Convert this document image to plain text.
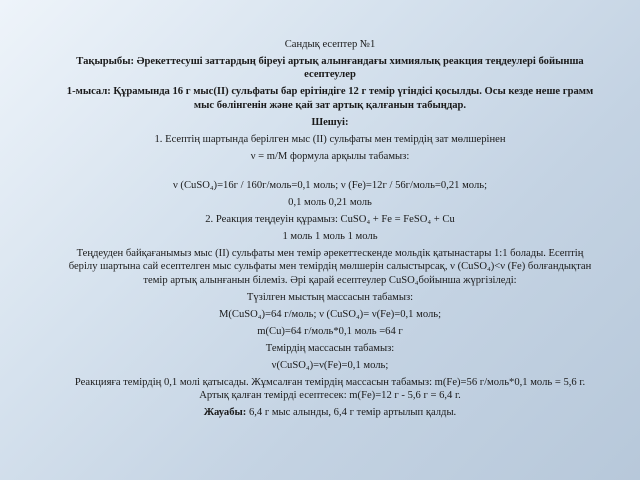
Сандық есептер №1

Тақырыбы: Әрекеттесуші заттардың біреуі артық алынғандағы химиялық реакция теңдеулері бойынша есептеулер

1-мысал: Құрамында 16 г мыс(II) сульфаты бар ерітіндіге 12 г темір үгіндісі қосылды. Осы кезде неше грамм мыс бөлінгенін және қай зат артық қалғанын табыңдар.

Шешуі:

1. Есептің шартында берілген мыс (II) сульфаты мен темірдің зат мөлшерінен

ν = m/M формула арқылы табамыз:

ν (CuSO₄)=16г / 160г/моль=0,1 моль; ν (Fe)=12г / 56г/моль=0,21 моль;

0,1 моль 0,21 моль

2. Реакция теңдеуін құрамыз: CuSO₄ + Fe = FeSO₄ + Cu

1 моль 1 моль 1 моль

Теңдеуден байқағанымыз мыс (II) сульфаты мен темір әрекеттескенде мольдік қатынастары 1:1 болады. Есептің берілу шартына сай есептелген мыс сульфаты мен темірдің мөлшерін салыстырсақ, ν (CuSO₄)<ν (Fe) болғандықтан темір артық алынғанын білеміз. Әрі қарай есептеулер CuSO₄бойынша жүргізіледі:

Түзілген мыстың массасын табамыз:

M(CuSO₄)=64 г/моль; ν (CuSO₄)= ν(Fe)=0,1 моль;

m(Cu)=64 г/моль*0,1 моль =64 г

Темірдің массасын табамыз:

ν(CuSO₄)=ν(Fe)=0,1 моль;

Реакцияға темірдің 0,1 молі қатысады. Жұмсалған темірдің массасын табамыз: m(Fe)=56 г/моль*0,1 моль = 5,6 г. Артық қалған темірді есептесек: m(Fe)=12 г - 5,6 г = 6,4 г.

Жауабы: 6,4 г мыс алынды, 6,4 г темір артылып қалды.
